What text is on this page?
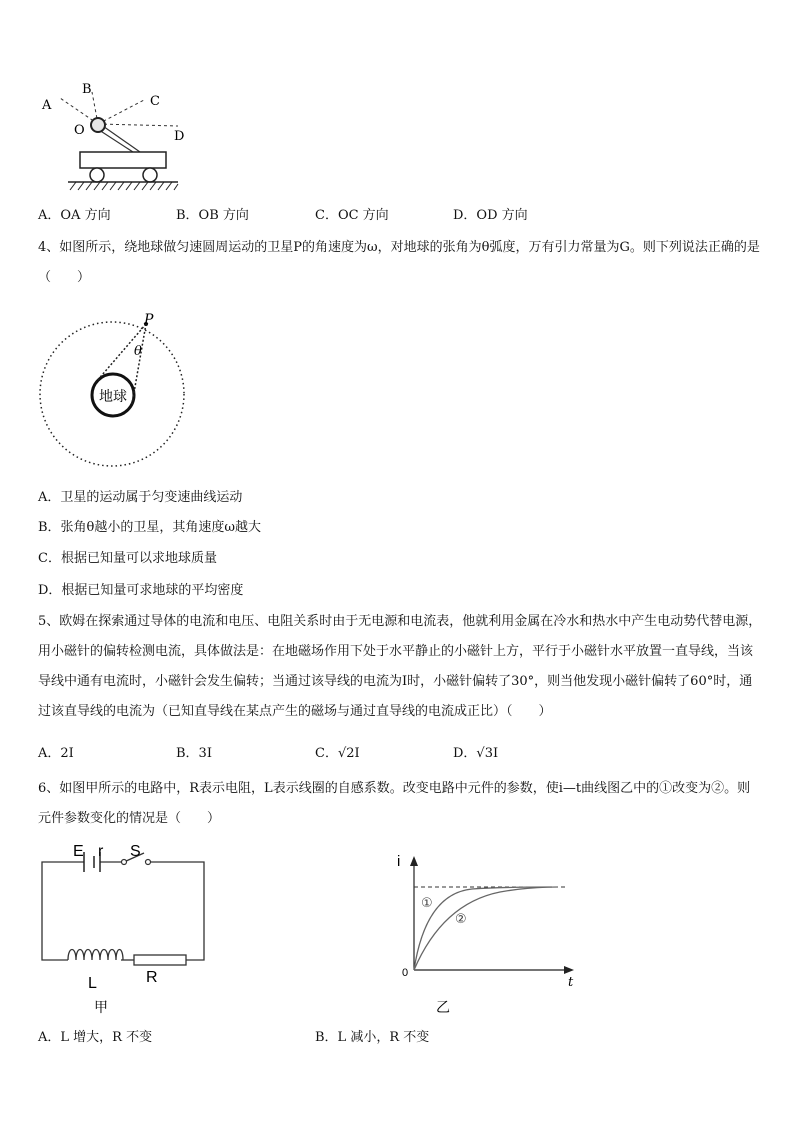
A
B
C
O	D
A．OA 方向	B．OB 方向	C．OC 方向	D．OD 方向
4、如图所示，绕地球做匀速圆周运动的卫星P的角速度为ω，对地球的张角为θ弧度，万有引力常量为G。则下列说法正确的是（　　）
地球
P
θ
A．卫星的运动属于匀变速曲线运动
B．张角θ越小的卫星，其角速度ω越大
C．根据已知量可以求地球质量
D．根据已知量可求地球的平均密度
5、欧姆在探索通过导体的电流和电压、电阻关系时由于无电源和电流表，他就利用金属在冷水和热水中产生电动势代替电源，用小磁针的偏转检测电流，具体做法是：在地磁场作用下处于水平静止的小磁针上方，平行于小磁针水平放置一直导线，当该导线中通有电流时，小磁针会发生偏转；当通过该导线的电流为I时，小磁针偏转了30°，则当他发现小磁针偏转了60°时，通过该直导线的电流为（已知直导线在某点产生的磁场与通过直导线的电流成正比）（　　）
A．2I	B．3I	C．√2I	D．√3I
6、如图甲所示的电路中，R表示电阻，L表示线圈的自感系数。改变电路中元件的参数，使i—t曲线图乙中的①改变为②。则元件参数变化的情况是（　　）
E r S
L	R
甲
i
t
0
①
②
乙
A．L 增大，R 不变	B．L 减小，R 不变
